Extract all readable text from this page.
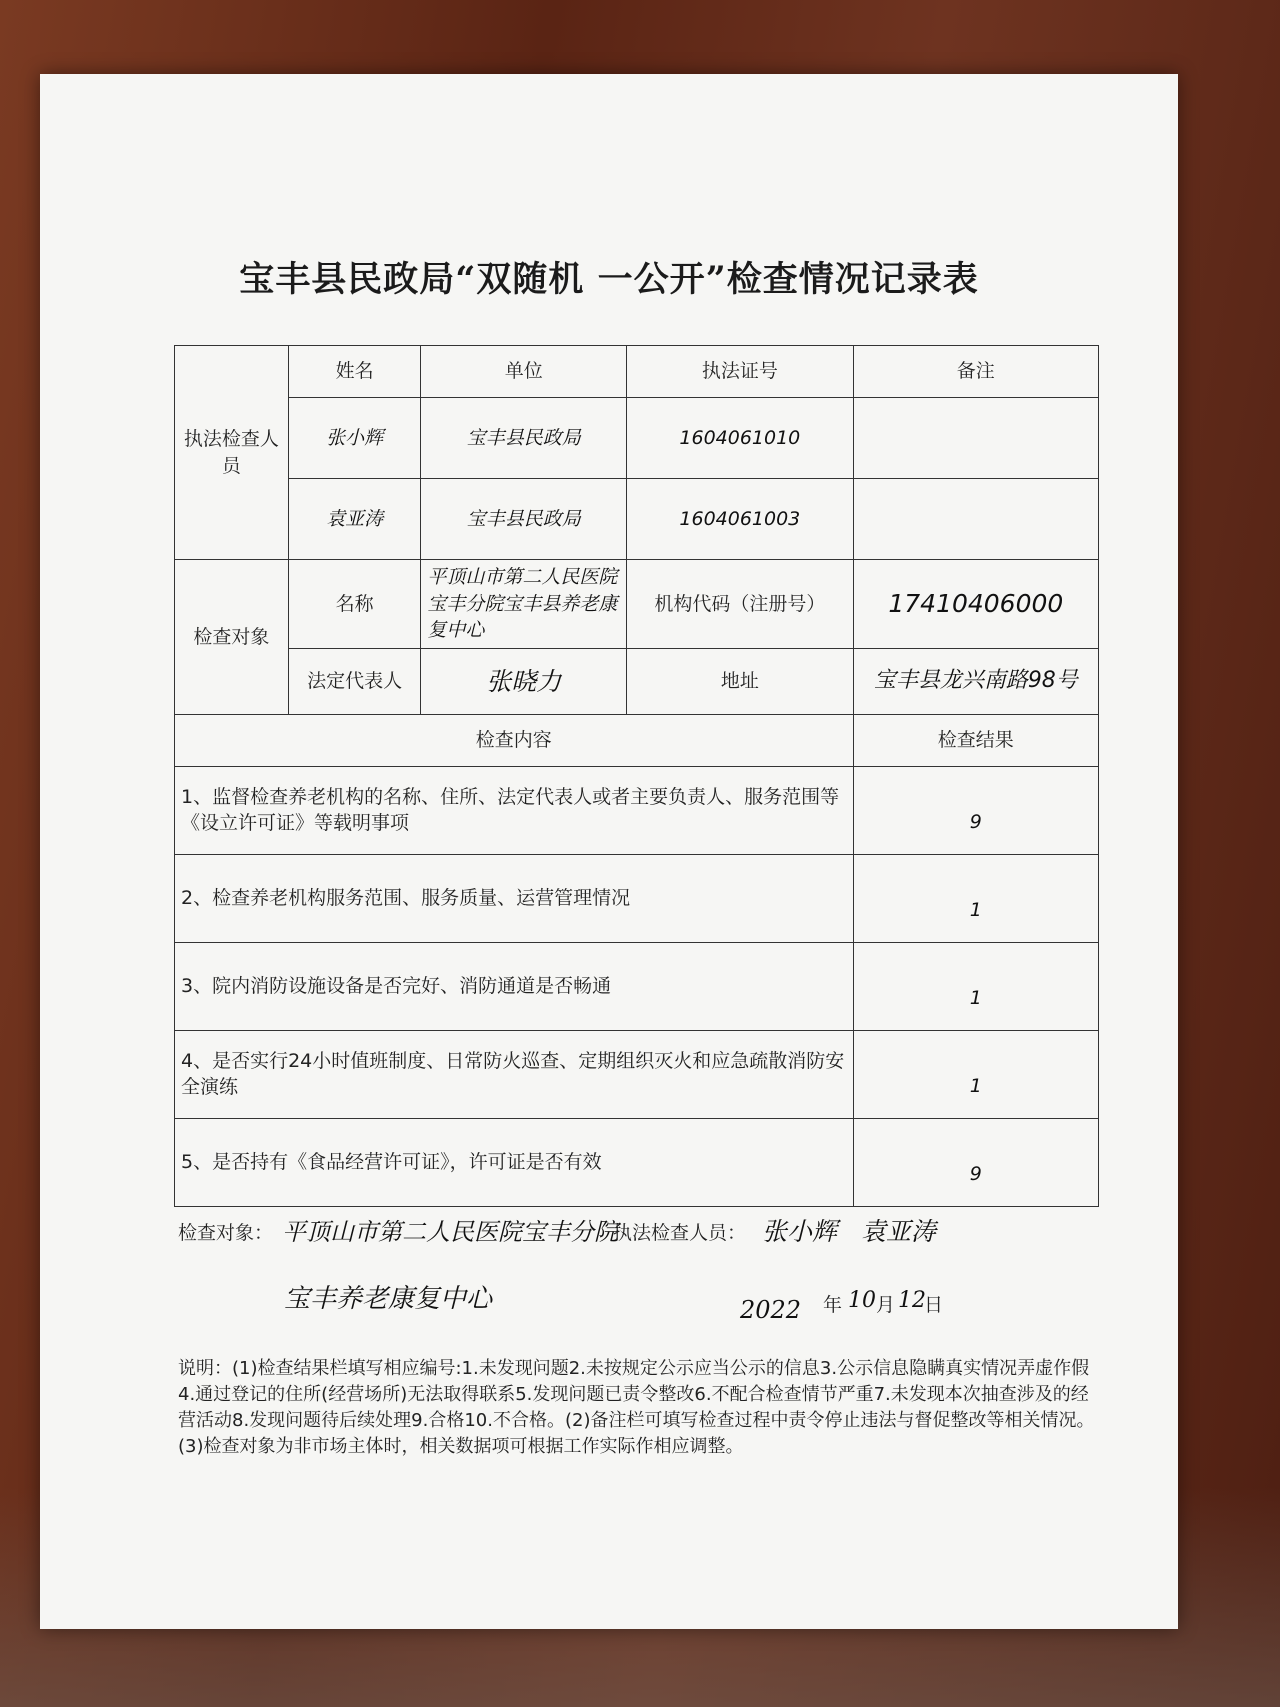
宝丰县民政局“双随机 一公开”检查情况记录表
执法检查人员	姓名	单位	执法证号	备注
	张小辉	宝丰县民政局	1604061010	
	袁亚涛	宝丰县民政局	1604061003	
检查对象	名称	平顶山市第二人民医院宝丰分院宝丰县养老康复中心	机构代码（注册号）	17410406000
	法定代表人	张晓力	地址	宝丰县龙兴南路98号
检查内容				检查结果
1、监督检查养老机构的名称、住所、法定代表人或者主要负责人、服务范围等《设立许可证》等载明事项				9
2、检查养老机构服务范围、服务质量、运营管理情况				1
3、院内消防设施设备是否完好、消防通道是否畅通				1
4、是否实行24小时值班制度、日常防火巡查、定期组织灭火和应急疏散消防安全演练				1
5、是否持有《食品经营许可证》，许可证是否有效				9
检查对象： 平顶山市第二人民医院宝丰分院
宝丰养老康复中心
执法检查人员： 张小辉   袁亚涛
2022 年 10 月 12
日
说明：(1)检查结果栏填写相应编号:1.未发现问题2.未按规定公示应当公示的信息3.公示信息隐瞒真实情况弄虚作假4.通过登记的住所(经营场所)无法取得联系5.发现问题已责令整改6.不配合检查情节严重7.未发现本次抽查涉及的经营活动8.发现问题待后续处理9.合格10.不合格。(2)备注栏可填写检查过程中责令停止违法与督促整改等相关情况。(3)检查对象为非市场主体时，相关数据项可根据工作实际作相应调整。
